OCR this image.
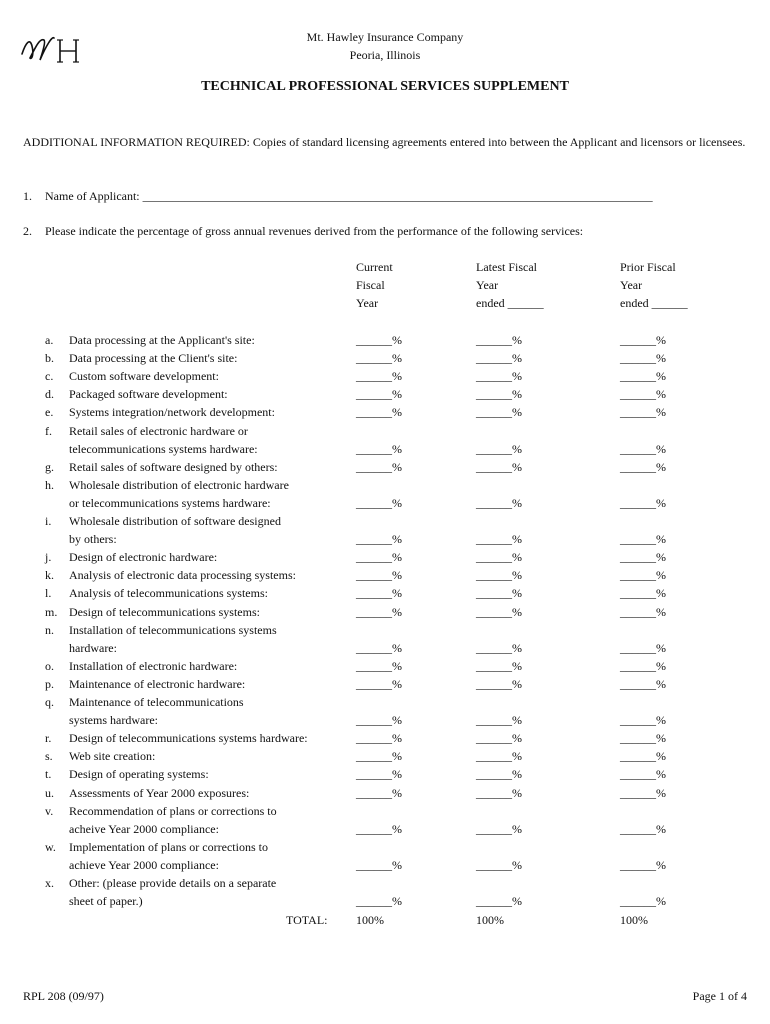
Mt. Hawley Insurance Company
Peoria, Illinois
TECHNICAL PROFESSIONAL SERVICES SUPPLEMENT
ADDITIONAL INFORMATION REQUIRED: Copies of standard licensing agreements entered into between the Applicant and licensors or licensees.
1. Name of Applicant: _____________________________________________________________________________________
2. Please indicate the percentage of gross annual revenues derived from the performance of the following services:
Current
Fiscal
Year
Latest Fiscal
Year
ended ______
Prior Fiscal
Year
ended ______
a. Data processing at the Applicant's site:	______%	______%	______%
b. Data processing at the Client's site:	______%	______%	______%
c. Custom software development:	______%	______%	______%
d. Packaged software development:	______%	______%	______%
e. Systems integration/network development:	______%	______%	______%
f. Retail sales of electronic hardware or
telecommunications systems hardware:	______%	______%	______%
g. Retail sales of software designed by others:	______%	______%	______%
h. Wholesale distribution of electronic hardware
or telecommunications systems hardware:	______%	______%	______%
i. Wholesale distribution of software designed
by others:	______%	______%	______%
j. Design of electronic hardware:	______%	______%	______%
k. Analysis of electronic data processing systems:	______%	______%	______%
l. Analysis of telecommunications systems:	______%	______%	______%
m. Design of telecommunications systems:	______%	______%	______%
n. Installation of telecommunications systems
hardware:	______%	______%	______%
o. Installation of electronic hardware:	______%	______%	______%
p. Maintenance of electronic hardware:	______%	______%	______%
q. Maintenance of telecommunications
systems hardware:	______%	______%	______%
r. Design of telecommunications systems hardware:	______%	______%	______%
s. Web site creation:	______%	______%	______%
t. Design of operating systems:	______%	______%	______%
u. Assessments of Year 2000 exposures:	______%	______%	______%
v. Recommendation of plans or corrections to
acheive Year 2000 compliance:	______%	______%	______%
w. Implementation of plans or corrections to
achieve Year 2000 compliance:	______%	______%	______%
x. Other: (please provide details on a separate
sheet of paper.)	______%	______%	______%
TOTAL: 100%	100%	100%
RPL 208 (09/97)	Page 1 of 4
